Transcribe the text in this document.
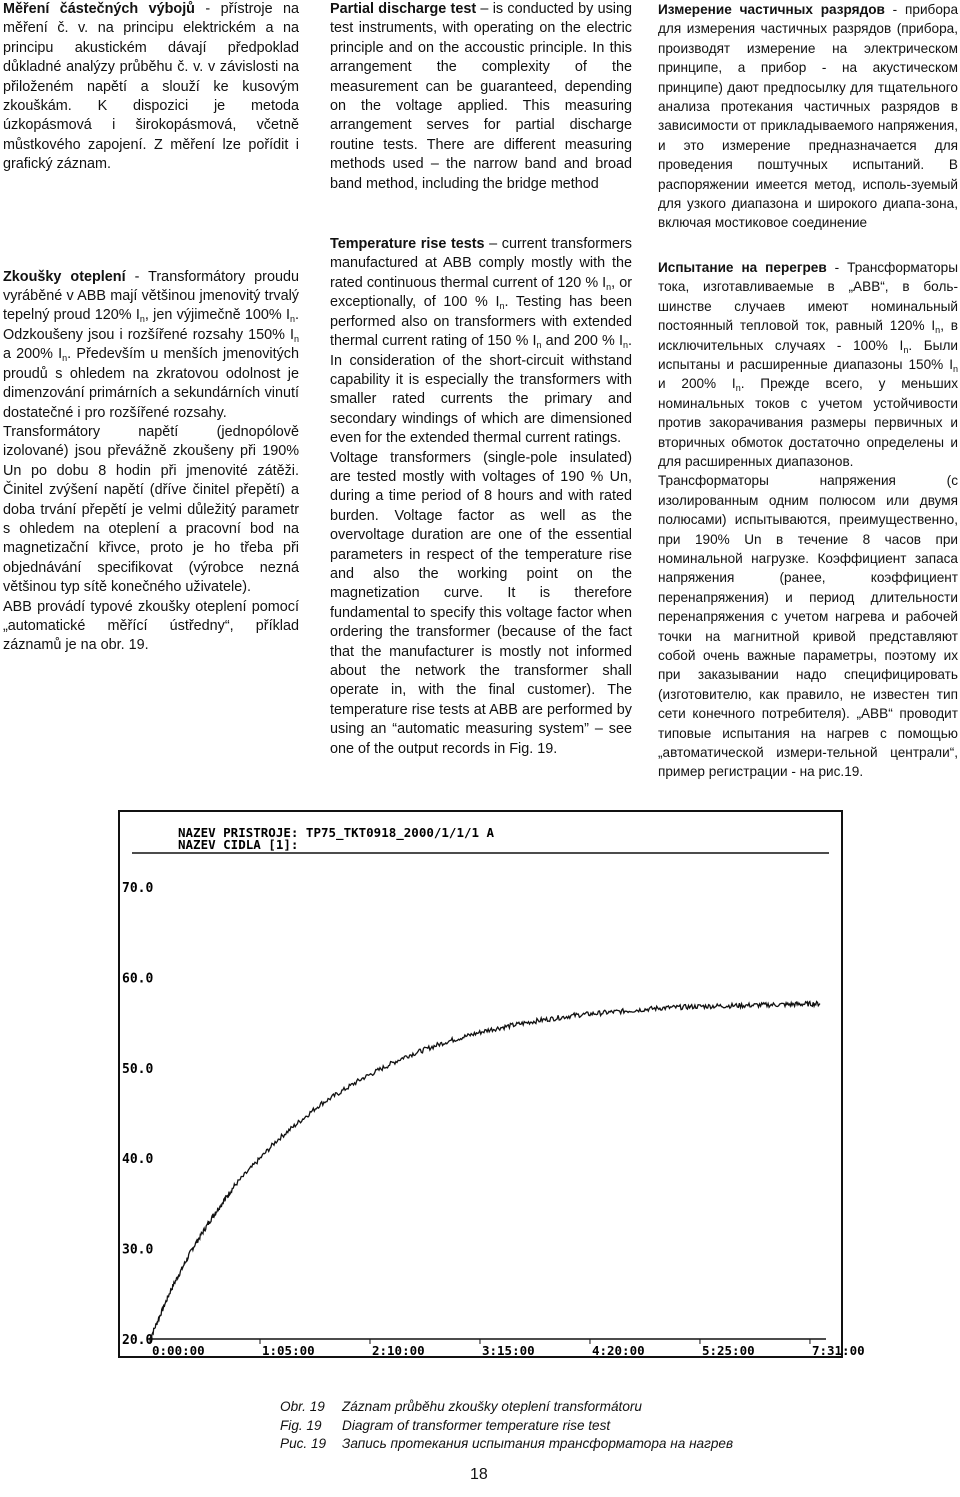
Měření částečných výbojů - přístroje na měření č. v. na principu elektrickém a na principu akustickém dávají předpoklad důkladné analýzy průběhu č. v. v závislosti na přiloženém napětí a slouží ke kusovým zkouškám. K dispozici je metoda úzkopásmová i širokopásmová, včetně můstkového zapojení. Z měření lze pořídit i grafický záznam.

Zkoušky oteplení - Transformátory proudu vyráběné v ABB mají většinou jmenovitý trvalý tepelný proud 120% $I_n$, jen výjimečně 100% $I_n$. Odzkoušeny jsou i rozšířené rozsahy 150% $I_n$ a 200% $I_n$. Především u menších jmenovitých proudů s ohledem na zkratovou odolnost je dimenzování primárních a sekundárních vinutí dostatečné i pro rozšířené rozsahy.

Transformátory napětí (jednopólově izolované) jsou převážně zkoušeny při 190% Un po dobu 8 hodin při jmenovité zátěži. Činitel zvýšení napětí (dříve činitel přepětí) a doba trvání přepětí je velmi důležitý parametr s ohledem na oteplení a pracovní bod na magnetizační křivce, proto je ho třeba při objednávání specifikovat (výrobce nezná většinou typ sítě konečného uživatele).

ABB provádí typové zkoušky oteplení pomocí „automatické měřící ústředny“, příklad záznamů je na obr. 19.

Partial discharge test – is conducted by using test instruments, with operating on the electric principle and on the accoustic principle. In this arrangement the complexity of the measurement can be guaranteed, depending on the voltage applied. This measuring arrangement serves for partial discharge routine tests. There are different measuring methods used – the narrow band and broad band method, including the bridge method

Temperature rise tests – current transformers manufactured at ABB comply mostly with the rated continuous thermal current of 120 % $I_n$, or exceptionally, of 100 % $I_n$. Testing has been performed also on transformers with extended thermal current rating of 150 % $I_n$ and 200 % $I_n$. In consideration of the short-circuit withstand capability it is especially the transformers with smaller rated currents the primary and secondary windings of which are dimensioned even for the extended thermal current ratings.

Voltage transformers (single-pole insulated) are tested mostly with voltages of 190 % Un, during a time period of 8 hours and with rated burden. Voltage factor as well as the overvoltage duration are one of the essential parameters in respect of the temperature rise and also the working point on the magnetization curve. It is therefore fundamental to specify this voltage factor when ordering the transformer (because of the fact that the manufacturer is mostly not informed about the network the transformer shall operate in, with the final customer). The temperature rise tests at ABB are performed by using an “automatic measuring system” – see one of the output records in Fig. 19.

Измерение частичных разрядов - прибора для измерения частичных разрядов (прибора, производят измерение на электрическом принципе, а прибор - на акустическом принципе) дают предпосылку для тщательного анализа протекания частичных разрядов в зависимости от прикладываемого напряжения, и это измерение предназначается для проведения поштучных испытаний. В распоряжении имеется метод, исполь-зуемый для узкого диапазона и широкого диапа-зона, включая мостиковое соединение

Испытание на перегрев - Трансформаторы тока, изготавливаемые в „ABB“, в боль-шинстве случаев имеют номинальный постоянный тепловой ток, равный 120% $I_n$, в исключительных случаях - 100% $I_n$. Были испытаны и расширенные диапазоны 150% $I_n$ и 200% $I_n$. Прежде всего, у меньших номинальных токов с учетом устойчивости против закорачивания размеры первичных и вторичных обмоток достаточно определены и для расширенных диапазонов.

Трансформаторы напряжения (с изолированным одним полюсом или двумя полюсами) испытываются, преимущественно, при 190% Un в течение 8 часов при номинальной нагрузке. Коэффициент запаса напряжения (ранее, коэффициент перенапряжения) и период длительности перенапряжения с учетом нагрева и рабочей точки на магнитной кривой представляют собой очень важные параметры, поэтому их при заказывании надо специфицировать (изготовителю, как правило, не известен тип сети конечного потребителя). „ABB“ проводит типовые испытания на нагрев с помощью „автоматической измери-тельной централи“, пример регистрации - на рис.19.

NAZEV PRISTROJE: TP75_TKT0918_2000/1/1/1 A
NAZEV CIDLA [1]:
20.0
30.0
40.0
50.0
60.0
70.0
0:00:00	1:05:00	2:10:00	3:15:00	4:20:00	5:25:00	7:31:00
Obr. 19	Záznam průběhu zkoušky oteplení transformátoru
Fig. 19	Diagram of transformer temperature rise test
Рис. 19	Запись протекания испытания трансформатора на нагрев
18
